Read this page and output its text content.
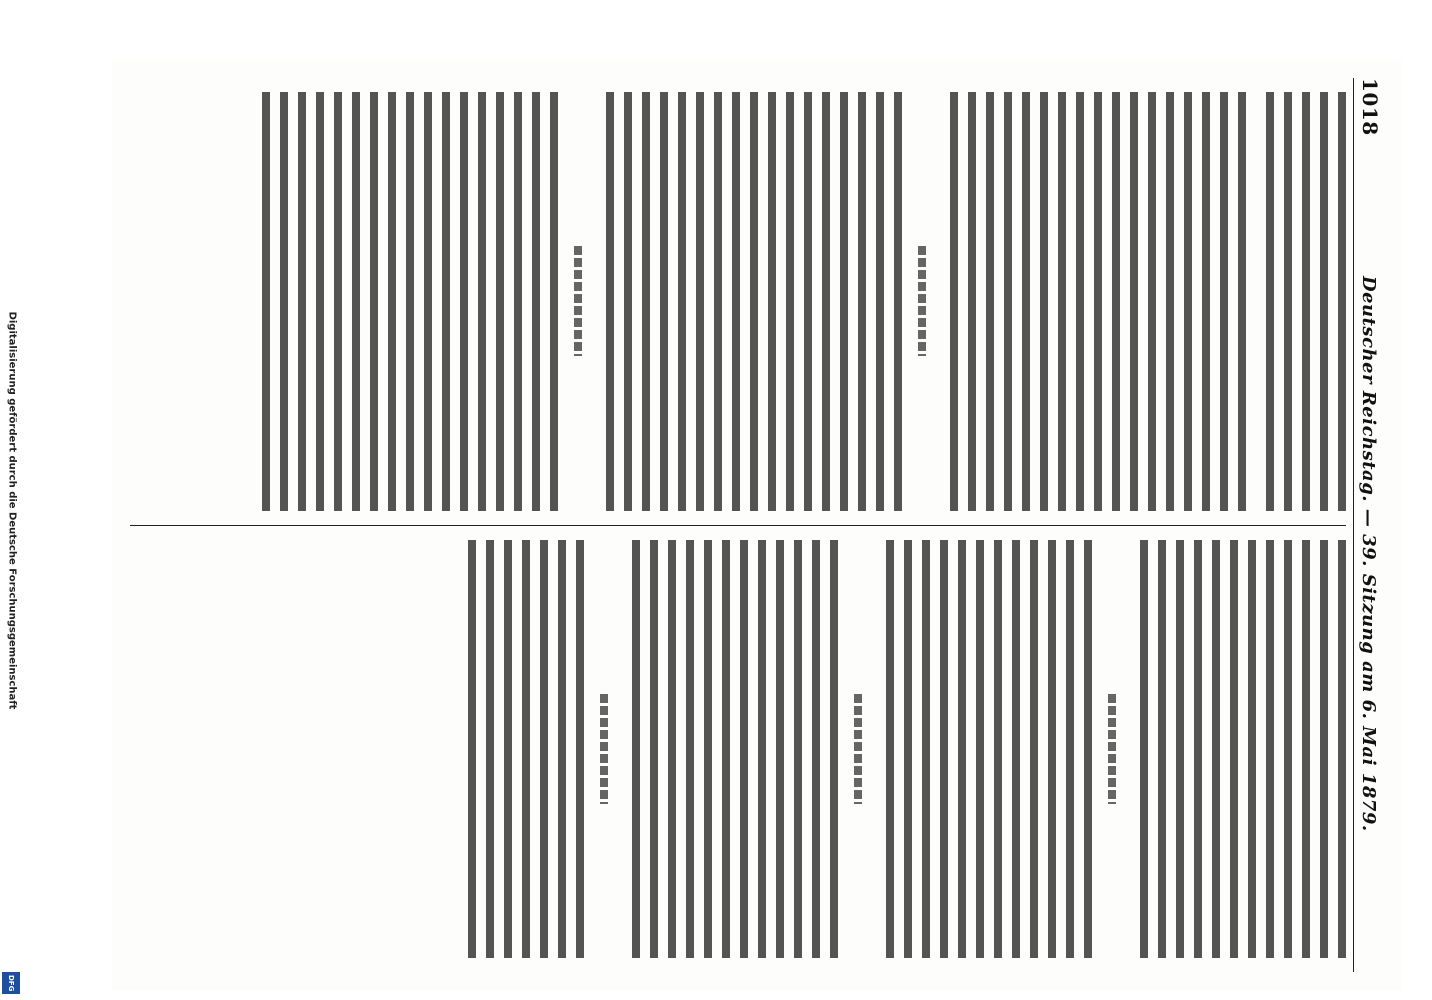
Digitalisierung gefördert durch die Deutsche Forschungsgemeinschaft
DFG
1018
Deutscher Reichstag. — 39. Sitzung am 6. Mai 1879.
